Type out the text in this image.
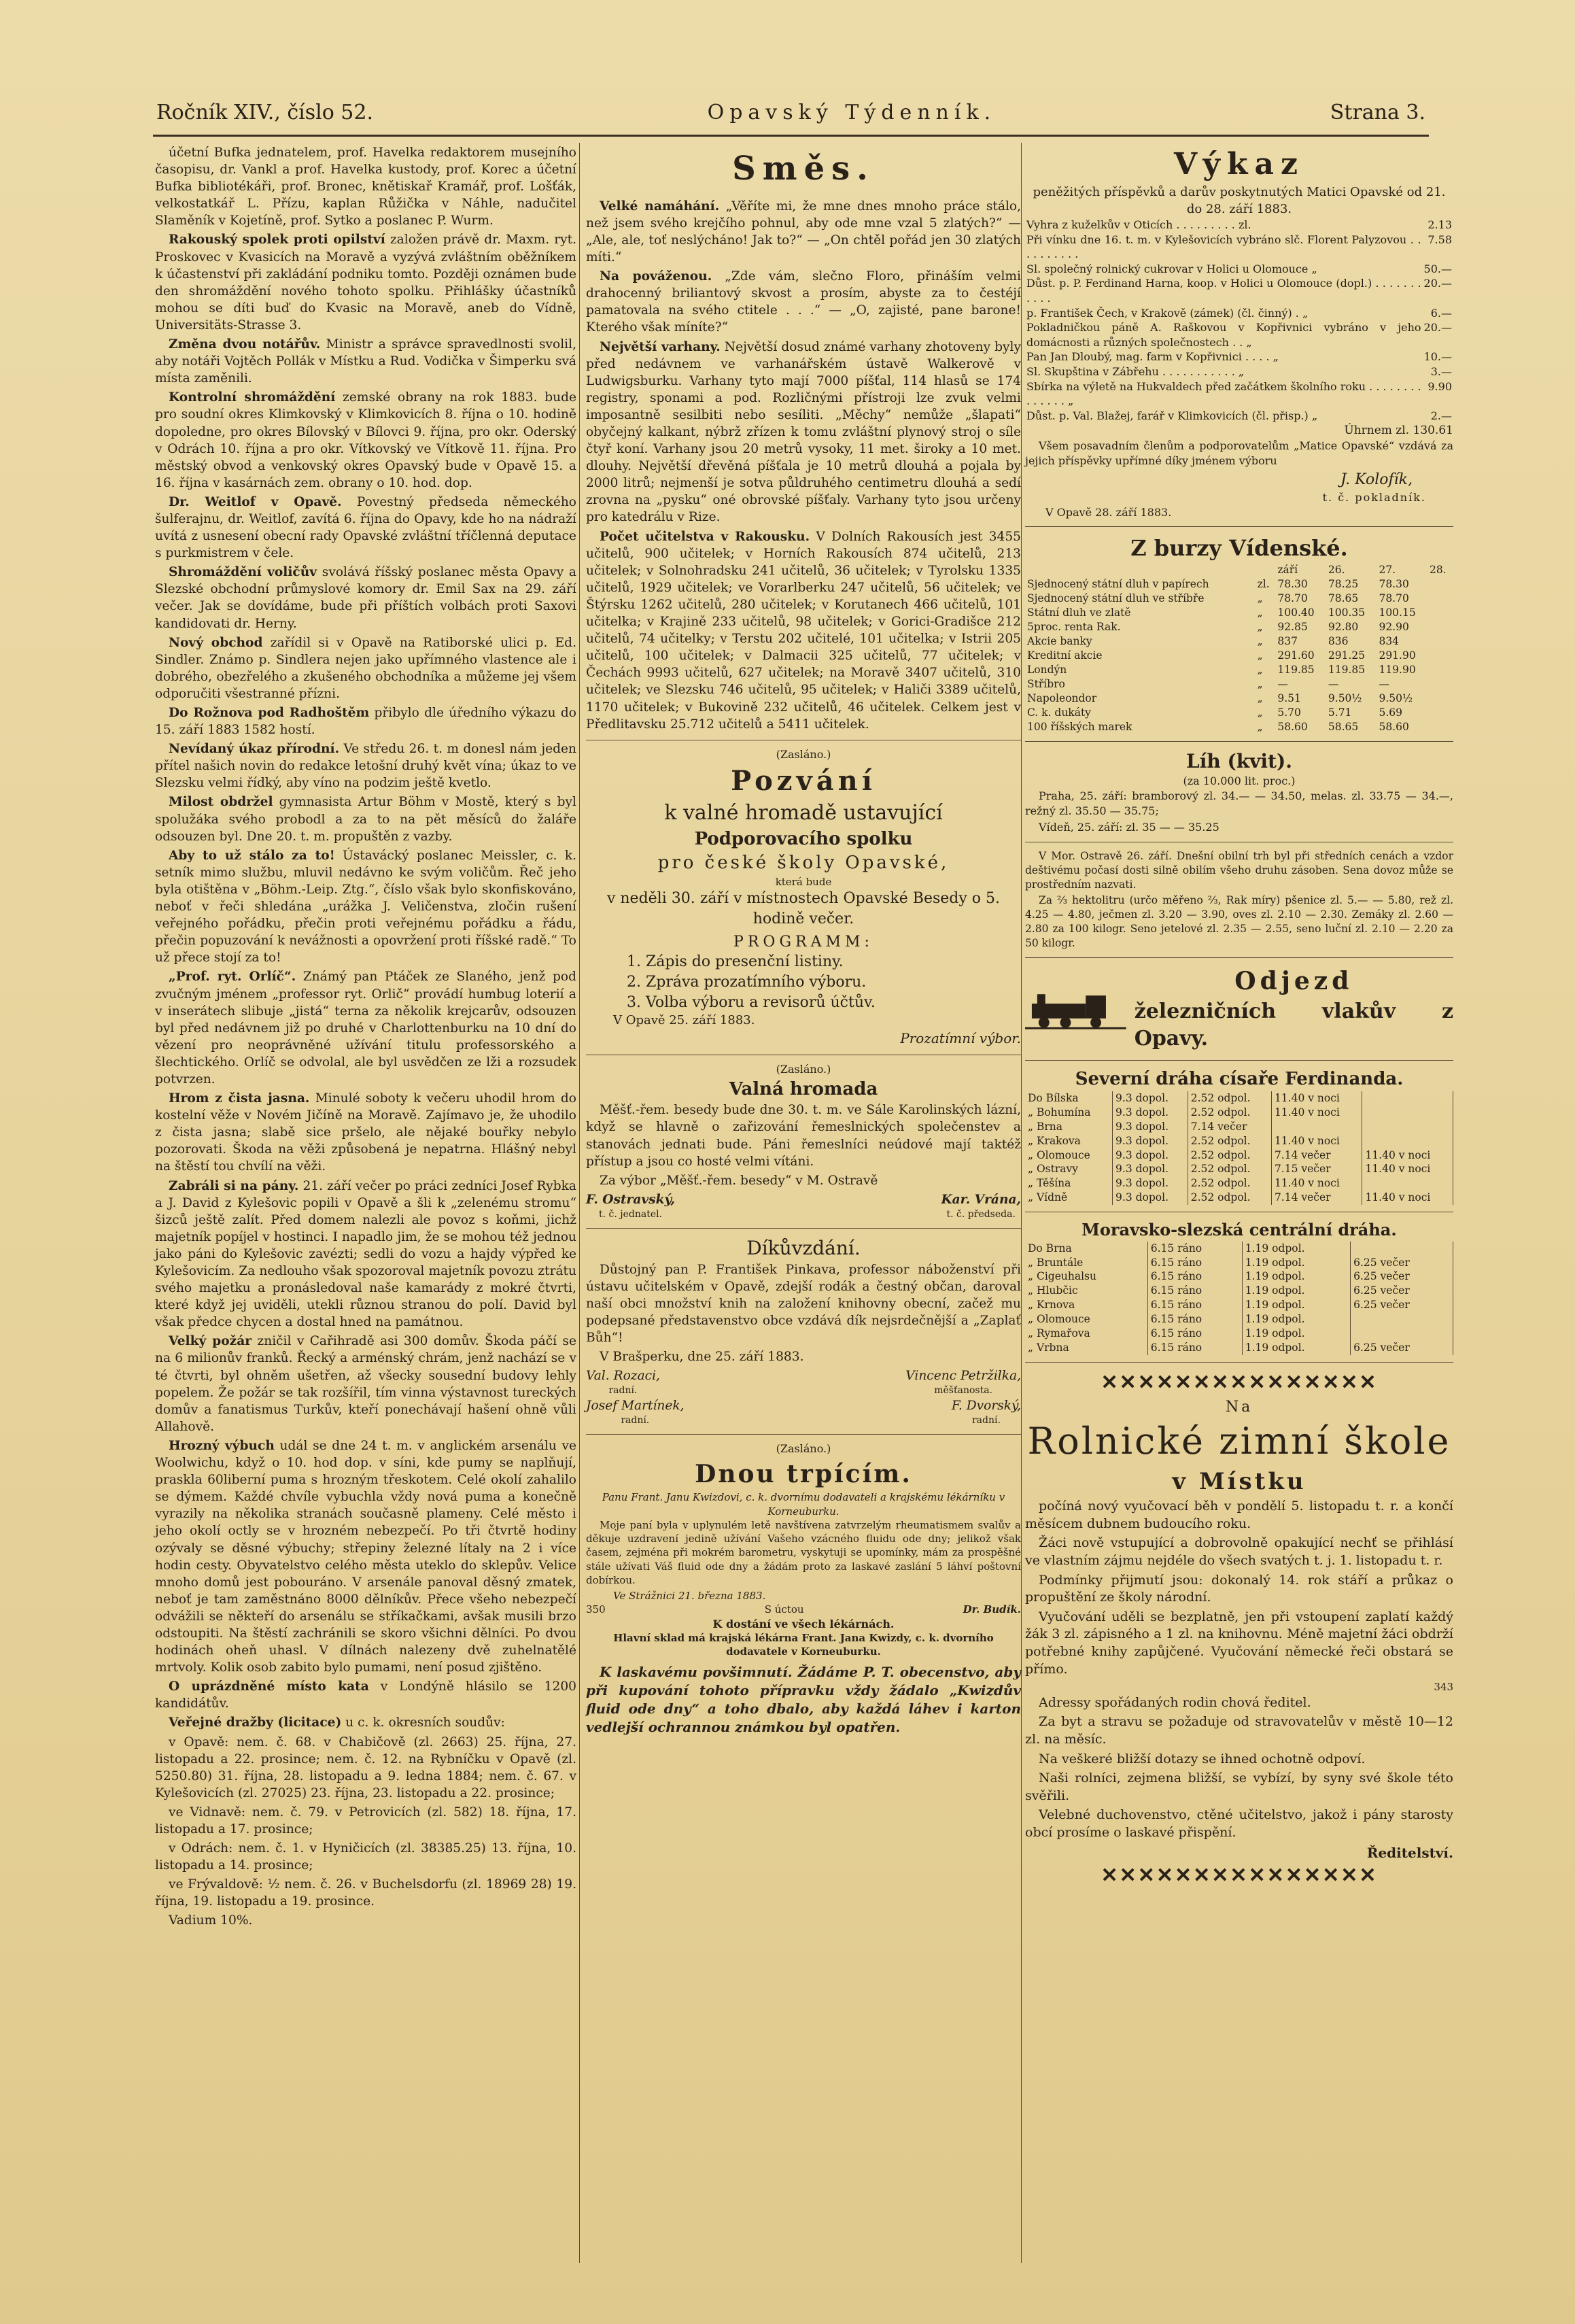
Ročník XIV., číslo 52.	Opavský Týdenník.	Strana 3.

účetní Bufka jednatelem, prof. Havelka redaktorem musejního časopisu, dr. Vankl a prof. Havelka kustody, prof. Korec a účetní Bufka bibliotékáři, prof. Bronec, knětiskař Kramář, prof. Lošťák, velkostatkář L. Přízu, kaplan Růžička v Náhle, nadučitel Slaměník v Kojetíně, prof. Sytko a poslanec P. Wurm.

Rakouský spolek proti opilství založen právě dr. Maxm. ryt. Proskovec v Kvasicích na Moravě a vyzývá zvláštním oběžníkem k účastenství při zakládání podniku tomto. Později oznámen bude den shromáždění nového tohoto spolku. Přihlášky účastníků mohou se díti buď do Kvasic na Moravě, aneb do Vídně, Universitäts-Strasse 3.

Změna dvou notářův. Ministr a správce spravedlnosti svolil, aby notáři Vojtěch Pollák v Místku a Rud. Vodička v Šimperku svá místa zaměnili.

Kontrolní shromáždění zemské obrany na rok 1883. bude pro soudní okres Klimkovský v Klimkovicích 8. října o 10. hodině dopoledne, pro okres Bílovský v Bílovci 9. října, pro okr. Oderský v Odrách 10. října a pro okr. Vítkovský ve Vítkově 11. října. Pro městský obvod a venkovský okres Opavský bude v Opavě 15. a 16. října v kasárnách zem. obrany o 10. hod. dop.

Dr. Weitlof v Opavě. Povestný předseda německého šulferajnu, dr. Weitlof, zavítá 6. října do Opavy, kde ho na nádraží uvítá z usnesení obecní rady Opavské zvláštní tříčlenná deputace s purkmistrem v čele.

Shromáždění voličův svolává říšský poslanec města Opavy a Slezské obchodní průmyslové komory dr. Emil Sax na 29. září večer. Jak se dovídáme, bude při příštích volbách proti Saxovi kandidovati dr. Herny.

Nový obchod zařídil si v Opavě na Ratiborské ulici p. Ed. Sindler. Známo p. Sindlera nejen jako upřímného vlastence ale i dobrého, obezřelého a zkušeného obchodníka a můžeme jej všem odporučiti všestranné přízni.

Do Rožnova pod Radhoštěm přibylo dle úředního výkazu do 15. září 1883 1582 hostí.

Nevídaný úkaz přírodní. Ve středu 26. t. m donesl nám jeden přítel našich novin do redakce letošní druhý květ vína; úkaz to ve Slezsku velmi řídký, aby víno na podzim ještě kvetlo.

Milost obdržel gymnasista Artur Böhm v Mostě, který s byl spolužáka svého probodl a za to na pět měsíců do žaláře odsouzen byl. Dne 20. t. m. propuštěn z vazby.

Aby to už stálo za to! Ústavácký poslanec Meissler, c. k. setník mimo službu, mluvil nedávno ke svým voličům. Řeč jeho byla otištěna v „Böhm.-Leip. Ztg.“, číslo však bylo skonfiskováno, neboť v řeči shledána „urážka J. Veličenstva, zločin rušení veřejného pořádku, přečin proti veřejnému pořádku a řádu, přečin popuzování k nevážnosti a opovržení proti říšské radě.“ To už přece stojí za to!

„Prof. ryt. Orlíč“. Známý pan Ptáček ze Slaného, jenž pod zvučným jménem „professor ryt. Orlič“ provádí humbug loterií a v inserátech slibuje „jistá“ terna za několik krejcarův, odsouzen byl před nedávnem již po druhé v Charlottenburku na 10 dní do vězení pro neoprávněné užívání titulu professorského a šlechtického. Orlíč se odvolal, ale byl usvědčen ze lži a rozsudek potvrzen.

Hrom z čista jasna. Minulé soboty k večeru uhodil hrom do kostelní věže v Novém Jičíně na Moravě. Zajímavo je, že uhodilo z čista jasna; slabě sice pršelo, ale nějaké bouřky nebylo pozorovati. Škoda na věži způsobená je nepatrna. Hlášný nebyl na štěstí tou chvílí na věži.

Zabráli si na pány. 21. září večer po práci zedníci Josef Rybka a J. David z Kylešovic popili v Opavě a šli k „zelenému stromu“ šizců ještě zalít. Před domem nalezli ale povoz s koňmi, jichž majetník popíjel v hostinci. I napadlo jim, že se mohou též jednou jako páni do Kylešovic zavézti; sedli do vozu a hajdy výpřed ke Kylešovicím. Za nedlouho však spozoroval majetník povozu ztrátu svého majetku a pronásledoval naše kamarády z mokré čtvrti, které když jej uviděli, utekli různou stranou do polí. David byl však předce chycen a dostal hned na památnou.

Velký požár zničil v Cařihradě asi 300 domův. Škoda páčí se na 6 milionův franků. Řecký a arménský chrám, jenž nachází se v té čtvrti, byl ohněm ušetřen, až všecky sousední budovy lehly popelem. Že požár se tak rozšířil, tím vinna výstavnost tureckých domův a fanatismus Turkův, kteří ponechávají hašení ohně vůli Allahově.

Hrozný výbuch udál se dne 24 t. m. v anglickém arsenálu ve Woolwichu, když o 10. hod dop. v síni, kde pumy se naplňují, praskla 60liberní puma s hrozným třeskotem. Celé okolí zahalilo se dýmem. Každé chvíle vybuchla vždy nová puma a konečně vyrazily na několika stranách současně plameny. Celé město i jeho okolí octly se v hrozném nebezpečí. Po tři čtvrtě hodiny ozývaly se děsné výbuchy; střepiny železné lítaly na 2 i více hodin cesty. Obyvatelstvo celého města uteklo do sklepův. Velice mnoho domů jest pobouráno. V arsenále panoval děsný zmatek, neboť je tam zaměstnáno 8000 dělníkův. Přece všeho nebezpečí odvážili se někteří do arsenálu se stříkačkami, avšak musili brzo odstoupiti. Na štěstí zachránili se skoro všichni dělníci. Po dvou hodinách oheň uhasl. V dílnách nalezeny dvě zuhelnatělé mrtvoly. Kolik osob zabito bylo pumami, není posud zjištěno.

O uprázdněné místo kata v Londýně hlásilo se 1200 kandidátův.

Veřejné dražby (licitace) u c. k. okresních soudův:

v Opavě: nem. č. 68. v Chabičově (zl. 2663) 25. října, 27. listopadu a 22. prosince; nem. č. 12. na Rybníčku v Opavě (zl. 5250.80) 31. října, 28. listopadu a 9. ledna 1884; nem. č. 67. v Kylešovicích (zl. 27025) 23. října, 23. listopadu a 22. prosince;

ve Vidnavě: nem. č. 79. v Petrovicích (zl. 582) 18. října, 17. listopadu a 17. prosince;

v Odrách: nem. č. 1. v Hyničicích (zl. 38385.25) 13. října, 10. listopadu a 14. prosince;

ve Frývaldově: ½ nem. č. 26. v Buchelsdorfu (zl. 18969 28) 19. října, 19. listopadu a 19. prosince.

Vadium 10%.

Směs.

Velké namáhání. „Věříte mi, že mne dnes mnoho práce stálo, než jsem svého krejčího pohnul, aby ode mne vzal 5 zlatých?“ — „Ale, ale, toť neslýcháno! Jak to?“ — „On chtěl pořád jen 30 zlatých míti.“

Na pováženou. „Zde vám, slečno Floro, přináším velmi drahocenný briliantový skvost a prosím, abyste za to čestéjí pamatovala na svého ctitele . . .“ — „O, zajisté, pane barone! Kterého však míníte?“

Největší varhany. Největší dosud známé varhany zhotoveny byly před nedávnem ve varhanářském ústavě Walkerově v Ludwigsburku. Varhany tyto mají 7000 píšťal, 114 hlasů se 174 registry, sponami a pod. Rozličnými přístroji lze zvuk velmi imposantně sesilbiti nebo sesíliti. „Měchy“ nemůže „šlapati“ obyčejný kalkant, nýbrž zřízen k tomu zvláštní plynový stroj o síle čtyř koní. Varhany jsou 20 metrů vysoky, 11 met. široky a 10 met. dlouhy. Největší dřevěná píšťala je 10 metrů dlouhá a pojala by 2000 litrů; nejmenší je sotva půldruhého centimetru dlouhá a sedí zrovna na „pysku“ oné obrovské píšťaly. Varhany tyto jsou určeny pro katedrálu v Rize.

Počet učitelstva v Rakousku. V Dolních Rakousích jest 3455 učitelů, 900 učitelek; v Horních Rakousích 874 učitelů, 213 učitelek; v Solnohradsku 241 učitelů, 36 učitelek; v Tyrolsku 1335 učitelů, 1929 učitelek; ve Vorarlberku 247 učitelů, 56 učitelek; ve Štýrsku 1262 učitelů, 280 učitelek; v Korutanech 466 učitelů, 101 učitelka; v Krajině 233 učitelů, 98 učitelek; v Gorici-Gradišce 212 učitelů, 74 učitelky; v Terstu 202 učitelé, 101 učitelka; v Istrii 205 učitelů, 100 učitelek; v Dalmacii 325 učitelů, 77 učitelek; v Čechách 9993 učitelů, 627 učitelek; na Moravě 3407 učitelů, 310 učitelek; ve Slezsku 746 učitelů, 95 učitelek; v Haliči 3389 učitelů, 1170 učitelek; v Bukovině 232 učitelů, 46 učitelek. Celkem jest v Předlitavsku 25.712 učitelů a 5411 učitelek.

(Zasláno.)
Pozvání
k valné hromadě ustavující
Podporovacího spolku
pro české školy Opavské,
která bude
v neděli 30. září v místnostech Opavské Besedy o 5. hodině večer.
PROGRAMM:
1. Zápis do presenční listiny.
2. Zpráva prozatímního výboru.
3. Volba výboru a revisorů účtův.
V Opavě 25. září 1883.
Prozatímní výbor.
(Zasláno.)
Valná hromada

Měšť.-řem. besedy bude dne 30. t. m. ve Sále Karolinských lázní, když se hlavně o zařizování řemeslnických společenstev a stanovách jednati bude. Páni řemeslníci neúdové mají taktéž přístup a jsou co hosté velmi vítáni.

Za výbor „Měšť.-řem. besedy“ v M. Ostravě

F. Ostravský,
t. č. jednatel.
Kar. Vrána,
t. č. předseda.
Díkůvzdání.

Důstojný pan P. František Pinkava, professor náboženství při ústavu učitelském v Opavě, zdejší rodák a čestný občan, daroval naší obci množství knih na založení knihovny obecní, začež mu podepsané představenstvo obce vzdává dík nejsrdečnější a „Zaplať Bůh“!

V Brašperku, dne 25. září 1883.

Val. Rozaci,
radní.
Vincenc Petržilka,
měšťanosta.
Josef Martínek,
radní.
F. Dvorský,
radní.
(Zasláno.)
Dnou trpícím.
Panu Frant. Janu Kwizdovi, c. k. dvornímu dodavateli a krajskému lékárníku v Korneuburku.

Moje paní byla v uplynulém letě navštívena zatvrzelým rheumatismem svalův a děkuje uzdravení jedině užívání Vašeho vzácného fluidu ode dny; jelikož však časem, zejména při mokrém barometru, vyskytuji se upomínky, mám za prospěšné stále užívati Váš fluid ode dny a žádám proto za laskavé zaslání 5 láhví poštovní dobírkou.

Ve Strážnici 21. března 1883.
350	S úctou	Dr. Budík.
K dostání ve všech lékárnách.
Hlavní sklad má krajská lékárna Frant. Jana Kwizdy, c. k. dvorního dodavatele v Korneuburku.

K laskavému povšimnutí. Žádáme P. T. obecenstvo, aby při kupování tohoto přípravku vždy žádalo „Kwizdův fluid ode dny“ a toho dbalo, aby každá láhev i karton vedlejší ochrannou známkou byl opatřen.

Výkaz
peněžitých příspěvků a darův poskytnutých Matici Opavské od 21. do 28. září 1883.
Vyhra z kuželkův v Oticích . . . . . . . . . zl.	2.13
Při vínku dne 16. t. m. v Kylešovicích vybráno slč. Florent Palyzovou . . . . . . . . . .	7.58
Sl. společný rolnický cukrovar v Holici u Olomouce „	50.—
Důst. p. P. Ferdinand Harna, koop. v Holici u Olomouce (dopl.) . . . . . . . . . . .	20.—
p. František Čech, v Krakově (zámek) (čl. činný) . „	6.—
Pokladničkou páně A. Raškovou v Kopřivnici vybráno v jeho domácnosti a různých společnostech . . „	20.—
Pan Jan Dloubý, mag. farm v Kopřivnici . . . . „	10.—
Sl. Skupština v Zábřehu . . . . . . . . . . . „	3.—
Sbírka na výletě na Hukvaldech před začátkem školního roku . . . . . . . . . . . . . . „	9.90
Důst. p. Val. Blažej, farář v Klimkovicích (čl. přisp.) „	2.—
Úhrnem zl. 130.61

Všem posavadním členům a podporovatelům „Matice Opavské“ vzdává za jejich příspěvky upřímné díky jménem výboru

J. Kolofík,
t. č. pokladník.
V Opavě 28. září 1883.
Z burzy Vídenské.
		září	26.	27.	28.
Sjednocený státní dluh v papírech	zl.	78.30	78.25	78.30	
Sjednocený státní dluh ve stříbře	„	78.70	78.65	78.70	
Státní dluh ve zlatě	„	100.40	100.35	100.15	
5proc. renta Rak.	„	92.85	92.80	92.90	
Akcie banky	„	837	836	834	
Kreditní akcie	„	291.60	291.25	291.90	
Londýn	„	119.85	119.85	119.90	
Stříbro	„	—	—	—	
Napoleondor	„	9.51	9.50½	9.50½	
C. k. dukáty	„	5.70	5.71	5.69	
100 říšských marek	„	58.60	58.65	58.60	
Líh (kvit).
(za 10.000 lit. proc.)

Praha, 25. září: bramborový zl. 34.— — 34.50, melas. zl. 33.75 — 34.—, režný zl. 35.50 — 35.75;

Vídeň, 25. září: zl. 35 — — 35.25

V Mor. Ostravě 26. září. Dnešní obilní trh byl při středních cenách a vzdor deštivému počasí dosti silně obilím všeho druhu zásoben. Sena dovoz může se prostředním nazvati.

Za ⅔ hektolitru (určo měřeno ⅔, Rak míry) pšenice zl. 5.— — 5.80, rež zl. 4.25 — 4.80, ječmen zl. 3.20 — 3.90, oves zl. 2.10 — 2.30. Zemáky zl. 2.60 — 2.80 za 100 kilogr. Seno jetelové zl. 2.35 — 2.55, seno luční zl. 2.10 — 2.20 za 50 kilogr.

Odjezd
železničních vlakův z Opavy.
Severní dráha císaře Ferdinanda.
Do Bílska	9.3 dopol.	2.52 odpol.	11.40 v noci	
„ Bohumína	9.3 dopol.	2.52 odpol.	11.40 v noci	
„ Brna	9.3 dopol.	7.14 večer		
„ Krakova	9.3 dopol.	2.52 odpol.	11.40 v noci	
„ Olomouce	9.3 dopol.	2.52 odpol.	7.14 večer	11.40 v noci
„ Ostravy	9.3 dopol.	2.52 odpol.	7.15 večer	11.40 v noci
„ Těšína	9.3 dopol.	2.52 odpol.	11.40 v noci	
„ Vídně	9.3 dopol.	2.52 odpol.	7.14 večer	11.40 v noci
Moravsko-slezská centrální dráha.
Do Brna	6.15 ráno	1.19 odpol.	
„ Bruntále	6.15 ráno	1.19 odpol.	6.25 večer
„ Cigeuhalsu	6.15 ráno	1.19 odpol.	6.25 večer
„ Hlubčic	6.15 ráno	1.19 odpol.	6.25 večer
„ Krnova	6.15 ráno	1.19 odpol.	6.25 večer
„ Olomouce	6.15 ráno	1.19 odpol.	
„ Rymařova	6.15 ráno	1.19 odpol.	
„ Vrbna	6.15 ráno	1.19 odpol.	6.25 večer
✕✕✕✕✕✕✕✕✕✕✕✕✕✕✕
Na
Rolnické zimní škole
v Místku

počíná nový vyučovací běh v pondělí 5. listopadu t. r. a končí měsícem dubnem budoucího roku.

Žáci nově vstupující a dobrovolně opakující nechť se přihlásí ve vlastním zájmu nejdéle do všech svatých t. j. 1. listopadu t. r.

Podmínky přijmutí jsou: dokonalý 14. rok stáří a průkaz o propuštění ze školy národní.

Vyučování uděli se bezplatně, jen při vstoupení zaplatí každý žák 3 zl. zápisného a 1 zl. na knihovnu. Méně majetní žáci obdrží potřebné knihy zapůjčené. Vyučování německé řeči obstará se přímo.

343

Adressy spořádaných rodin chová ředitel.

Za byt a stravu se požaduje od stravovatelův v městě 10—12 zl. na měsíc.

Na veškeré bližší dotazy se ihned ochotně odpoví.

Naši rolníci, zejmena bližší, se vybízí, by syny své škole této svěřili.

Velebné duchovenstvo, ctěné učitelstvo, jakož i pány starosty obcí prosíme o laskavé přispění.

Ředitelství.
✕✕✕✕✕✕✕✕✕✕✕✕✕✕✕
